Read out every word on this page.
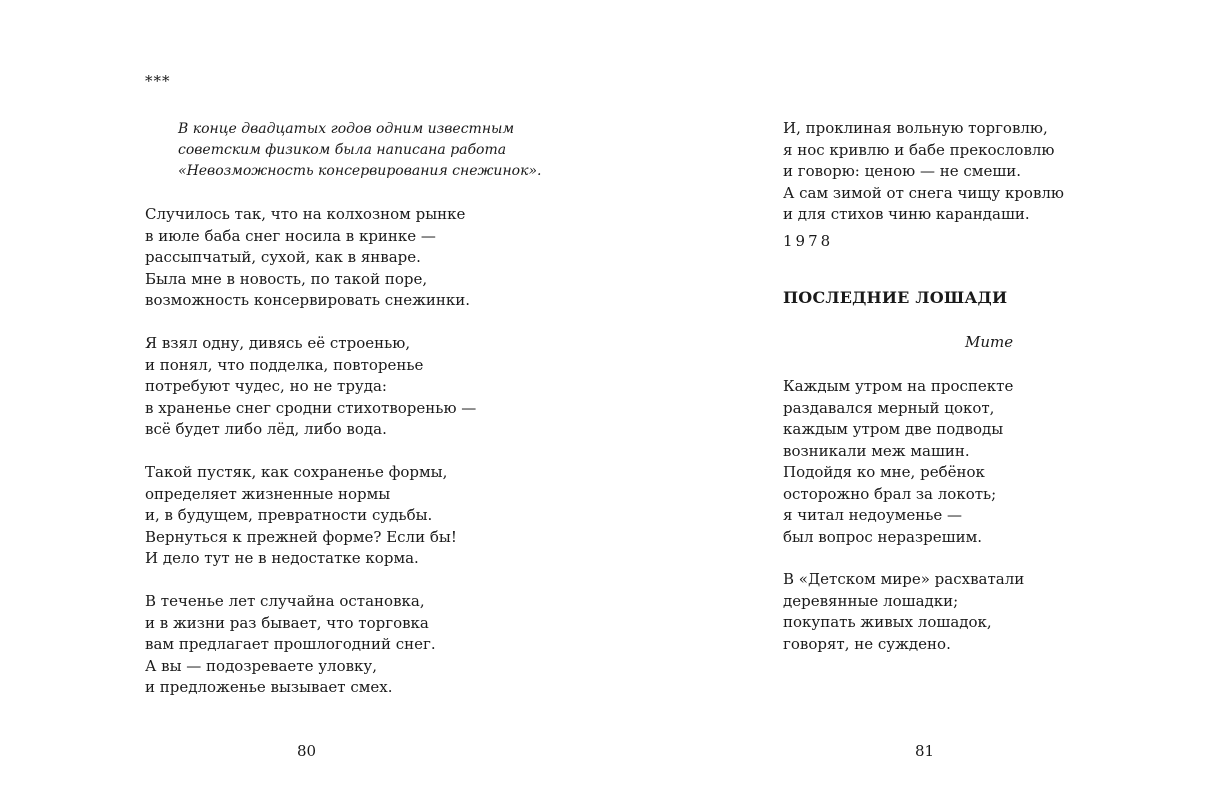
***
В конце двадцатых годов одним известным
советским физиком была написана работа
«Невозможность консервирования снежинок».
Случилось так, что на колхозном рынке
в июле баба снег носила в кринке —
рассыпчатый, сухой, как в январе.
Была мне в новость, по такой поре,
возможность консервировать снежинки.
Я взял одну, дивясь её строенью,
и понял, что подделка, повторенье
потребуют чудес, но не труда:
в храненье снег сродни стихотворенью —
всё будет либо лёд, либо вода.
Такой пустяк, как сохраненье формы,
определяет жизненные нормы
и, в будущем, превратности судьбы.
Вернуться к прежней форме? Если бы!
И дело тут не в недостатке корма.
В теченье лет случайна остановка,
и в жизни раз бывает, что торговка
вам предлагает прошлогодний снег.
А вы — подозреваете уловку,
и предложенье вызывает смех.
80
И, проклиная вольную торговлю,
я нос кривлю и бабе прекословлю
и говорю: ценою — не смеши.
А сам зимой от снега чищу кровлю
и для стихов чиню карандаши.
1978
ПОСЛЕДНИЕ ЛОШАДИ
Мите
Каждым утром на проспекте
раздавался мерный цокот,
каждым утром две подводы
возникали меж машин.
Подойдя ко мне, ребёнок
осторожно брал за локоть;
я читал недоуменье —
был вопрос неразрешим.
В «Детском мире» расхватали
деревянные лошадки;
покупать живых лошадок,
говорят, не суждено.
81
